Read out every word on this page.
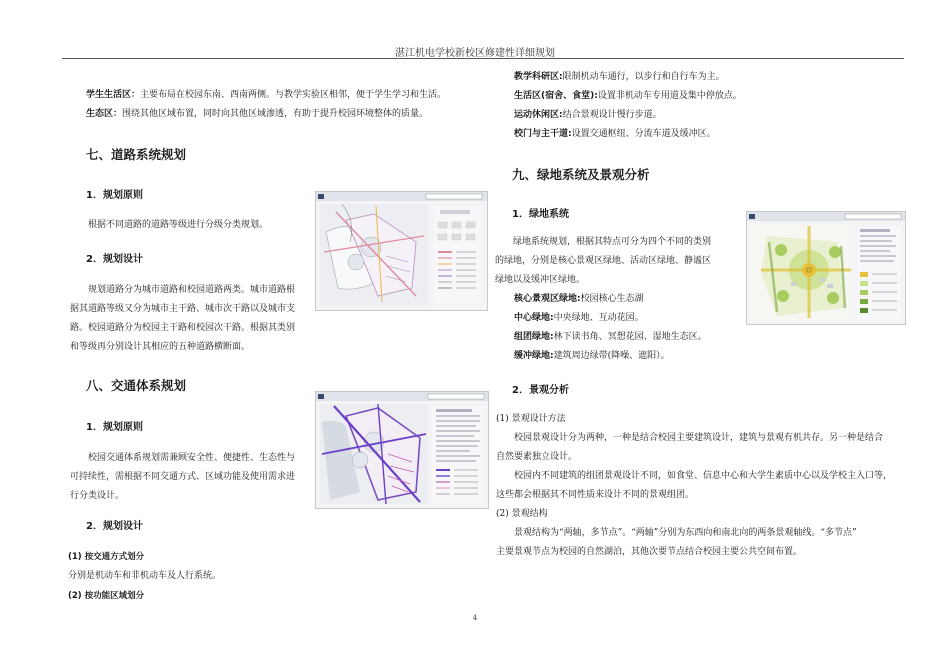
湛江机电学校新校区修建性详细规划
学生生活区：主要布局在校园东南、西南两侧。与教学实验区相邻，便于学生学习和生活。
生态区：围绕其他区域布置，同时向其他区域渗透，有助于提升校园环境整体的质量。
七、道路系统规划
1．规划原则
根据不同道路的道路等级进行分级分类规划。
2．规划设计
规划道路分为城市道路和校园道路两类。城市道路根
据其道路等级又分为城市主干路、城市次干路以及城市支
路。校园道路分为校园主干路和校园次干路。根据其类别
和等级再分别设计其相应的五种道路横断面。
八、交通体系规划
1．规划原则
校园交通体系规划需兼顾安全性、便捷性、生态性与
可持续性，需根据不同交通方式、区域功能及使用需求进
行分类设计。
2．规划设计
(1) 按交通方式划分
分别是机动车和非机动车及人行系统。
(2) 按功能区域划分
教学科研区:限制机动车通行，以步行和自行车为主。
生活区(宿舍、食堂):设置非机动车专用道及集中停放点。
运动休闲区:结合景观设计慢行步道。
校门与主干道:设置交通枢纽、分流车道及缓冲区。
九、绿地系统及景观分析
1．绿地系统
绿地系统规划，根据其特点可分为四个不同的类别
的绿地，分别是核心景观区绿地、活动区绿地、静谧区
绿地以及缓冲区绿地。
核心景观区绿地:校园核心生态湖
中心绿地:中央绿地、互动花园。
组团绿地:林下读书角、冥想花园、湿地生态区。
缓冲绿地:建筑周边绿带(降噪、遮阳）。
2．景观分析
(1) 景观设计方法
校园景观设计分为两种，一种是结合校园主要建筑设计，建筑与景观有机共存。另一种是结合
自然要素独立设计。
校园内不同建筑的组团景观设计不同，如食堂、信息中心和大学生素质中心以及学校主入口等，
这些都会根据其不同性质来设计不同的景观组团。
(2) 景观结构
景观结构为“两轴，多节点”。“两轴”分别为东西向和南北向的两条景观轴线。“多节点”
主要景观节点为校园的自然湖泊，其他次要节点结合校园主要公共空间布置。
4
